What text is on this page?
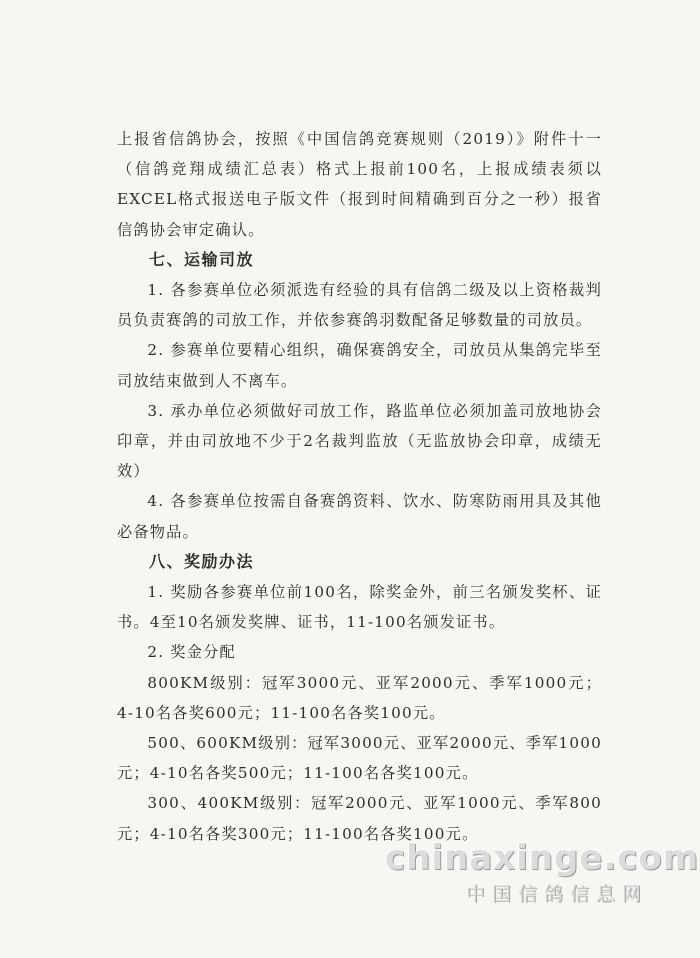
上报省信鸽协会，按照《中国信鸽竞赛规则（2019）》附件十一（信鸽竞翔成绩汇总表）格式上报前100名，上报成绩表须以EXCEL格式报送电子版文件（报到时间精确到百分之一秒）报省信鸽协会审定确认。

七、运输司放

1. 各参赛单位必须派选有经验的具有信鸽二级及以上资格裁判员负责赛鸽的司放工作，并依参赛鸽羽数配备足够数量的司放员。

2. 参赛单位要精心组织，确保赛鸽安全，司放员从集鸽完毕至司放结束做到人不离车。

3. 承办单位必须做好司放工作，路监单位必须加盖司放地协会印章，并由司放地不少于2名裁判监放（无监放协会印章，成绩无效）

4. 各参赛单位按需自备赛鸽资料、饮水、防寒防雨用具及其他必备物品。

八、奖励办法

1. 奖励各参赛单位前100名，除奖金外，前三名颁发奖杯、证书。4至10名颁发奖牌、证书，11-100名颁发证书。

2. 奖金分配

800KM级别：冠军3000元、亚军2000元、季军1000元；4-10名各奖600元；11-100名各奖100元。

500、600KM级别：冠军3000元、亚军2000元、季军1000元；4-10名各奖500元；11-100名各奖100元。

300、400KM级别：冠军2000元、亚军1000元、季军800元；4-10名各奖300元；11-100名各奖100元。

chinaxinge.com
中国信鸽信息网
